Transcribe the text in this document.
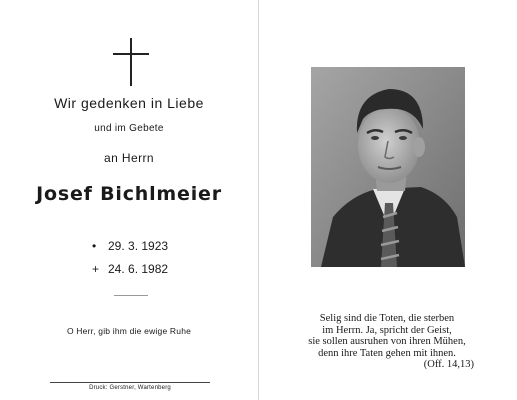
Wir gedenken in Liebe
und im Gebete
an Herrn
Josef Bichlmeier
• 29. 3. 1923
+ 24. 6. 1982
O Herr, gib ihm die ewige Ruhe
Druck: Gerstner, Wartenberg
Selig sind die Toten, die sterben
im Herrn. Ja, spricht der Geist,
sie sollen ausruhen von ihren Mühen,
denn ihre Taten gehen mit ihnen.
(Off. 14,13)
